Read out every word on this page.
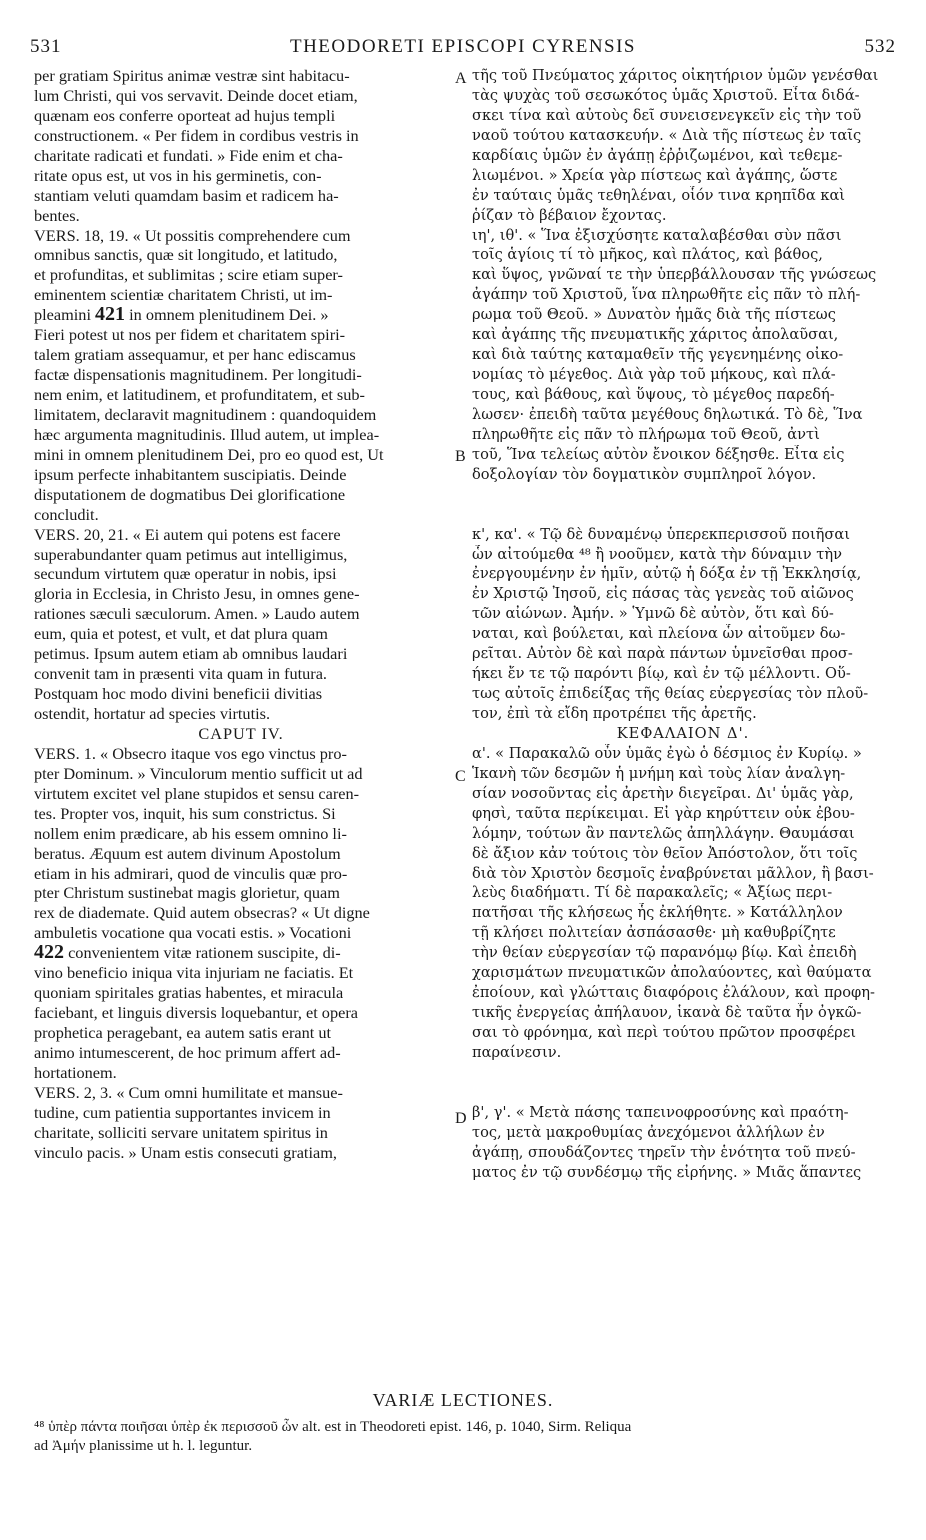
531	THEODORETI EPISCOPI CYRENSIS	532
A
B
C
D
per gratiam Spiritus animæ vestræ sint habitacu-
lum Christi, qui vos servavit. Deinde docet etiam,
quænam eos conferre oporteat ad hujus templi
constructionem. « Per fidem in cordibus vestris in
charitate radicati et fundati. » Fide enim et cha-
ritate opus est, ut vos in his germinetis, con-
stantiam veluti quamdam basim et radicem ha-
bentes.
VERS. 18, 19. « Ut possitis comprehendere cum
omnibus sanctis, quæ sit longitudo, et latitudo,
et profunditas, et sublimitas ; scire etiam super-
eminentem scientiæ charitatem Christi, ut im-
pleamini 421 in omnem plenitudinem Dei. »
Fieri potest ut nos per fidem et charitatem spiri-
talem gratiam assequamur, et per hanc ediscamus
factæ dispensationis magnitudinem. Per longitudi-
nem enim, et latitudinem, et profunditatem, et sub-
limitatem, declaravit magnitudinem : quandoquidem
hæc argumenta magnitudinis. Illud autem, ut implea-
mini in omnem plenitudinem Dei, pro eo quod est, Ut
ipsum perfecte inhabitantem suscipiatis. Deinde
disputationem de dogmatibus Dei glorificatione
concludit.
VERS. 20, 21. « Ei autem qui potens est facere
superabundanter quam petimus aut intelligimus,
secundum virtutem quæ operatur in nobis, ipsi
gloria in Ecclesia, in Christo Jesu, in omnes gene-
rationes sæculi sæculorum. Amen. » Laudo autem
eum, quia et potest, et vult, et dat plura quam
petimus. Ipsum autem etiam ab omnibus laudari
convenit tam in præsenti vita quam in futura.
Postquam hoc modo divini beneficii divitias
ostendit, hortatur ad species virtutis.
CAPUT IV.
VERS. 1. « Obsecro itaque vos ego vinctus pro-
pter Dominum. » Vinculorum mentio sufficit ut ad
virtutem excitet vel plane stupidos et sensu caren-
tes. Propter vos, inquit, his sum constrictus. Si
nollem enim prædicare, ab his essem omnino li-
beratus. Æquum est autem divinum Apostolum
etiam in his admirari, quod de vinculis quæ pro-
pter Christum sustinebat magis glorietur, quam
rex de diademate. Quid autem obsecras? « Ut digne
ambuletis vocatione qua vocati estis. » Vocationi
422 convenientem vitæ rationem suscipite, di-
vino beneficio iniqua vita injuriam ne faciatis. Et
quoniam spiritales gratias habentes, et miracula
faciebant, et linguis diversis loquebantur, et opera
prophetica peragebant, ea autem satis erant ut
animo intumescerent, de hoc primum affert ad-
hortationem.
VERS. 2, 3. « Cum omni humilitate et mansue-
tudine, cum patientia supportantes invicem in
charitate, solliciti servare unitatem spiritus in
vinculo pacis. » Unam estis consecuti gratiam,
τῆς τοῦ Πνεύματος χάριτος οἰκητήριον ὑμῶν γενέσθαι
τὰς ψυχὰς τοῦ σεσωκότος ὑμᾶς Χριστοῦ. Εἶτα διδά-
σκει τίνα καὶ αὐτοὺς δεῖ συνεισενεγκεῖν εἰς τὴν τοῦ
ναοῦ τούτου κατασκευήν. « Διὰ τῆς πίστεως ἐν ταῖς
καρδίαις ὑμῶν ἐν ἀγάπῃ ἐῤῥιζωμένοι, καὶ τεθεμε-
λιωμένοι. » Χρεία γὰρ πίστεως καὶ ἀγάπης, ὥστε
ἐν ταύταις ὑμᾶς τεθηλέναι, οἷόν τινα κρηπῖδα καὶ
ῥίζαν τὸ βέβαιον ἔχοντας.
ιη', ιθ'. « Ἵνα ἐξισχύσητε καταλαβέσθαι σὺν πᾶσι
τοῖς ἁγίοις τί τὸ μῆκος, καὶ πλάτος, καὶ βάθος,
καὶ ὕψος, γνῶναί τε τὴν ὑπερβάλλουσαν τῆς γνώσεως
ἀγάπην τοῦ Χριστοῦ, ἵνα πληρωθῆτε εἰς πᾶν τὸ πλή-
ρωμα τοῦ Θεοῦ. » Δυνατὸν ἡμᾶς διὰ τῆς πίστεως
καὶ ἀγάπης τῆς πνευματικῆς χάριτος ἀπολαῦσαι,
καὶ διὰ ταύτης καταμαθεῖν τῆς γεγενημένης οἰκο-
νομίας τὸ μέγεθος. Διὰ γὰρ τοῦ μήκους, καὶ πλά-
τους, καὶ βάθους, καὶ ὕψους, τὸ μέγεθος παρεδή-
λωσεν· ἐπειδὴ ταῦτα μεγέθους δηλωτικά. Τὸ δὲ, Ἵνα
πληρωθῆτε εἰς πᾶν τὸ πλήρωμα τοῦ Θεοῦ, ἀντὶ
τοῦ, Ἵνα τελείως αὐτὸν ἔνοικον δέξησθε. Εἶτα εἰς
δοξολογίαν τὸν δογματικὸν συμπληροῖ λόγον.
κ', κα'. « Τῷ δὲ δυναμένῳ ὑπερεκπερισσοῦ ποιῆσαι
ὧν αἰτούμεθα ⁴⁸ ἢ νοοῦμεν, κατὰ τὴν δύναμιν τὴν
ἐνεργουμένην ἐν ἡμῖν, αὐτῷ ἡ δόξα ἐν τῇ Ἐκκλησίᾳ,
ἐν Χριστῷ Ἰησοῦ, εἰς πάσας τὰς γενεὰς τοῦ αἰῶνος
τῶν αἰώνων. Ἀμήν. » Ὑμνῶ δὲ αὐτὸν, ὅτι καὶ δύ-
ναται, καὶ βούλεται, καὶ πλείονα ὧν αἰτοῦμεν δω-
ρεῖται. Αὐτὸν δὲ καὶ παρὰ πάντων ὑμνεῖσθαι προσ-
ήκει ἔν τε τῷ παρόντι βίῳ, καὶ ἐν τῷ μέλλοντι. Οὕ-
τως αὐτοῖς ἐπιδείξας τῆς θείας εὐεργεσίας τὸν πλοῦ-
τον, ἐπὶ τὰ εἴδη προτρέπει τῆς ἀρετῆς.
ΚΕΦΑΛΑΙΟΝ Δ'.
α'. « Παρακαλῶ οὖν ὑμᾶς ἐγὼ ὁ δέσμιος ἐν Κυρίῳ. »
Ἱκανὴ τῶν δεσμῶν ἡ μνήμη καὶ τοὺς λίαν ἀναλγη-
σίαν νοσοῦντας εἰς ἀρετὴν διεγεῖραι. Δι' ὑμᾶς γὰρ,
φησὶ, ταῦτα περίκειμαι. Εἰ γὰρ κηρύττειν οὐκ ἐβου-
λόμην, τούτων ἂν παντελῶς ἀπηλλάγην. Θαυμάσαι
δὲ ἄξιον κἀν τούτοις τὸν θεῖον Ἀπόστολον, ὅτι τοῖς
διὰ τὸν Χριστὸν δεσμοῖς ἐναβρύνεται μᾶλλον, ἢ βασι-
λεὺς διαδήματι. Τί δὲ παρακαλεῖς; « Ἀξίως περι-
πατῆσαι τῆς κλήσεως ἧς ἐκλήθητε. » Κατάλληλον
τῇ κλήσει πολιτείαν ἀσπάσασθε· μὴ καθυβρίζητε
τὴν θείαν εὐεργεσίαν τῷ παρανόμῳ βίῳ. Καὶ ἐπειδὴ
χαρισμάτων πνευματικῶν ἀπολαύοντες, καὶ θαύματα
ἐποίουν, καὶ γλώτταις διαφόροις ἐλάλουν, καὶ προφη-
τικῆς ἐνεργείας ἀπήλαυον, ἱκανὰ δὲ ταῦτα ἦν ὀγκῶ-
σαι τὸ φρόνημα, καὶ περὶ τούτου πρῶτον προσφέρει
παραίνεσιν.
β', γ'. « Μετὰ πάσης ταπεινοφροσύνης καὶ πραότη-
τος, μετὰ μακροθυμίας ἀνεχόμενοι ἀλλήλων ἐν
ἀγάπῃ, σπουδάζοντες τηρεῖν τὴν ἑνότητα τοῦ πνεύ-
ματος ἐν τῷ συνδέσμῳ τῆς εἰρήνης. » Μιᾶς ἅπαντες
VARIÆ LECTIONES.
⁴⁸ ὑπὲρ πάντα ποιῆσαι ὑπὲρ ἐκ περισσοῦ ὧν alt. est in Theodoreti epist. 146, p. 1040, Sirm. Reliqua
ad Ἀμήν planissime ut h. l. leguntur.
